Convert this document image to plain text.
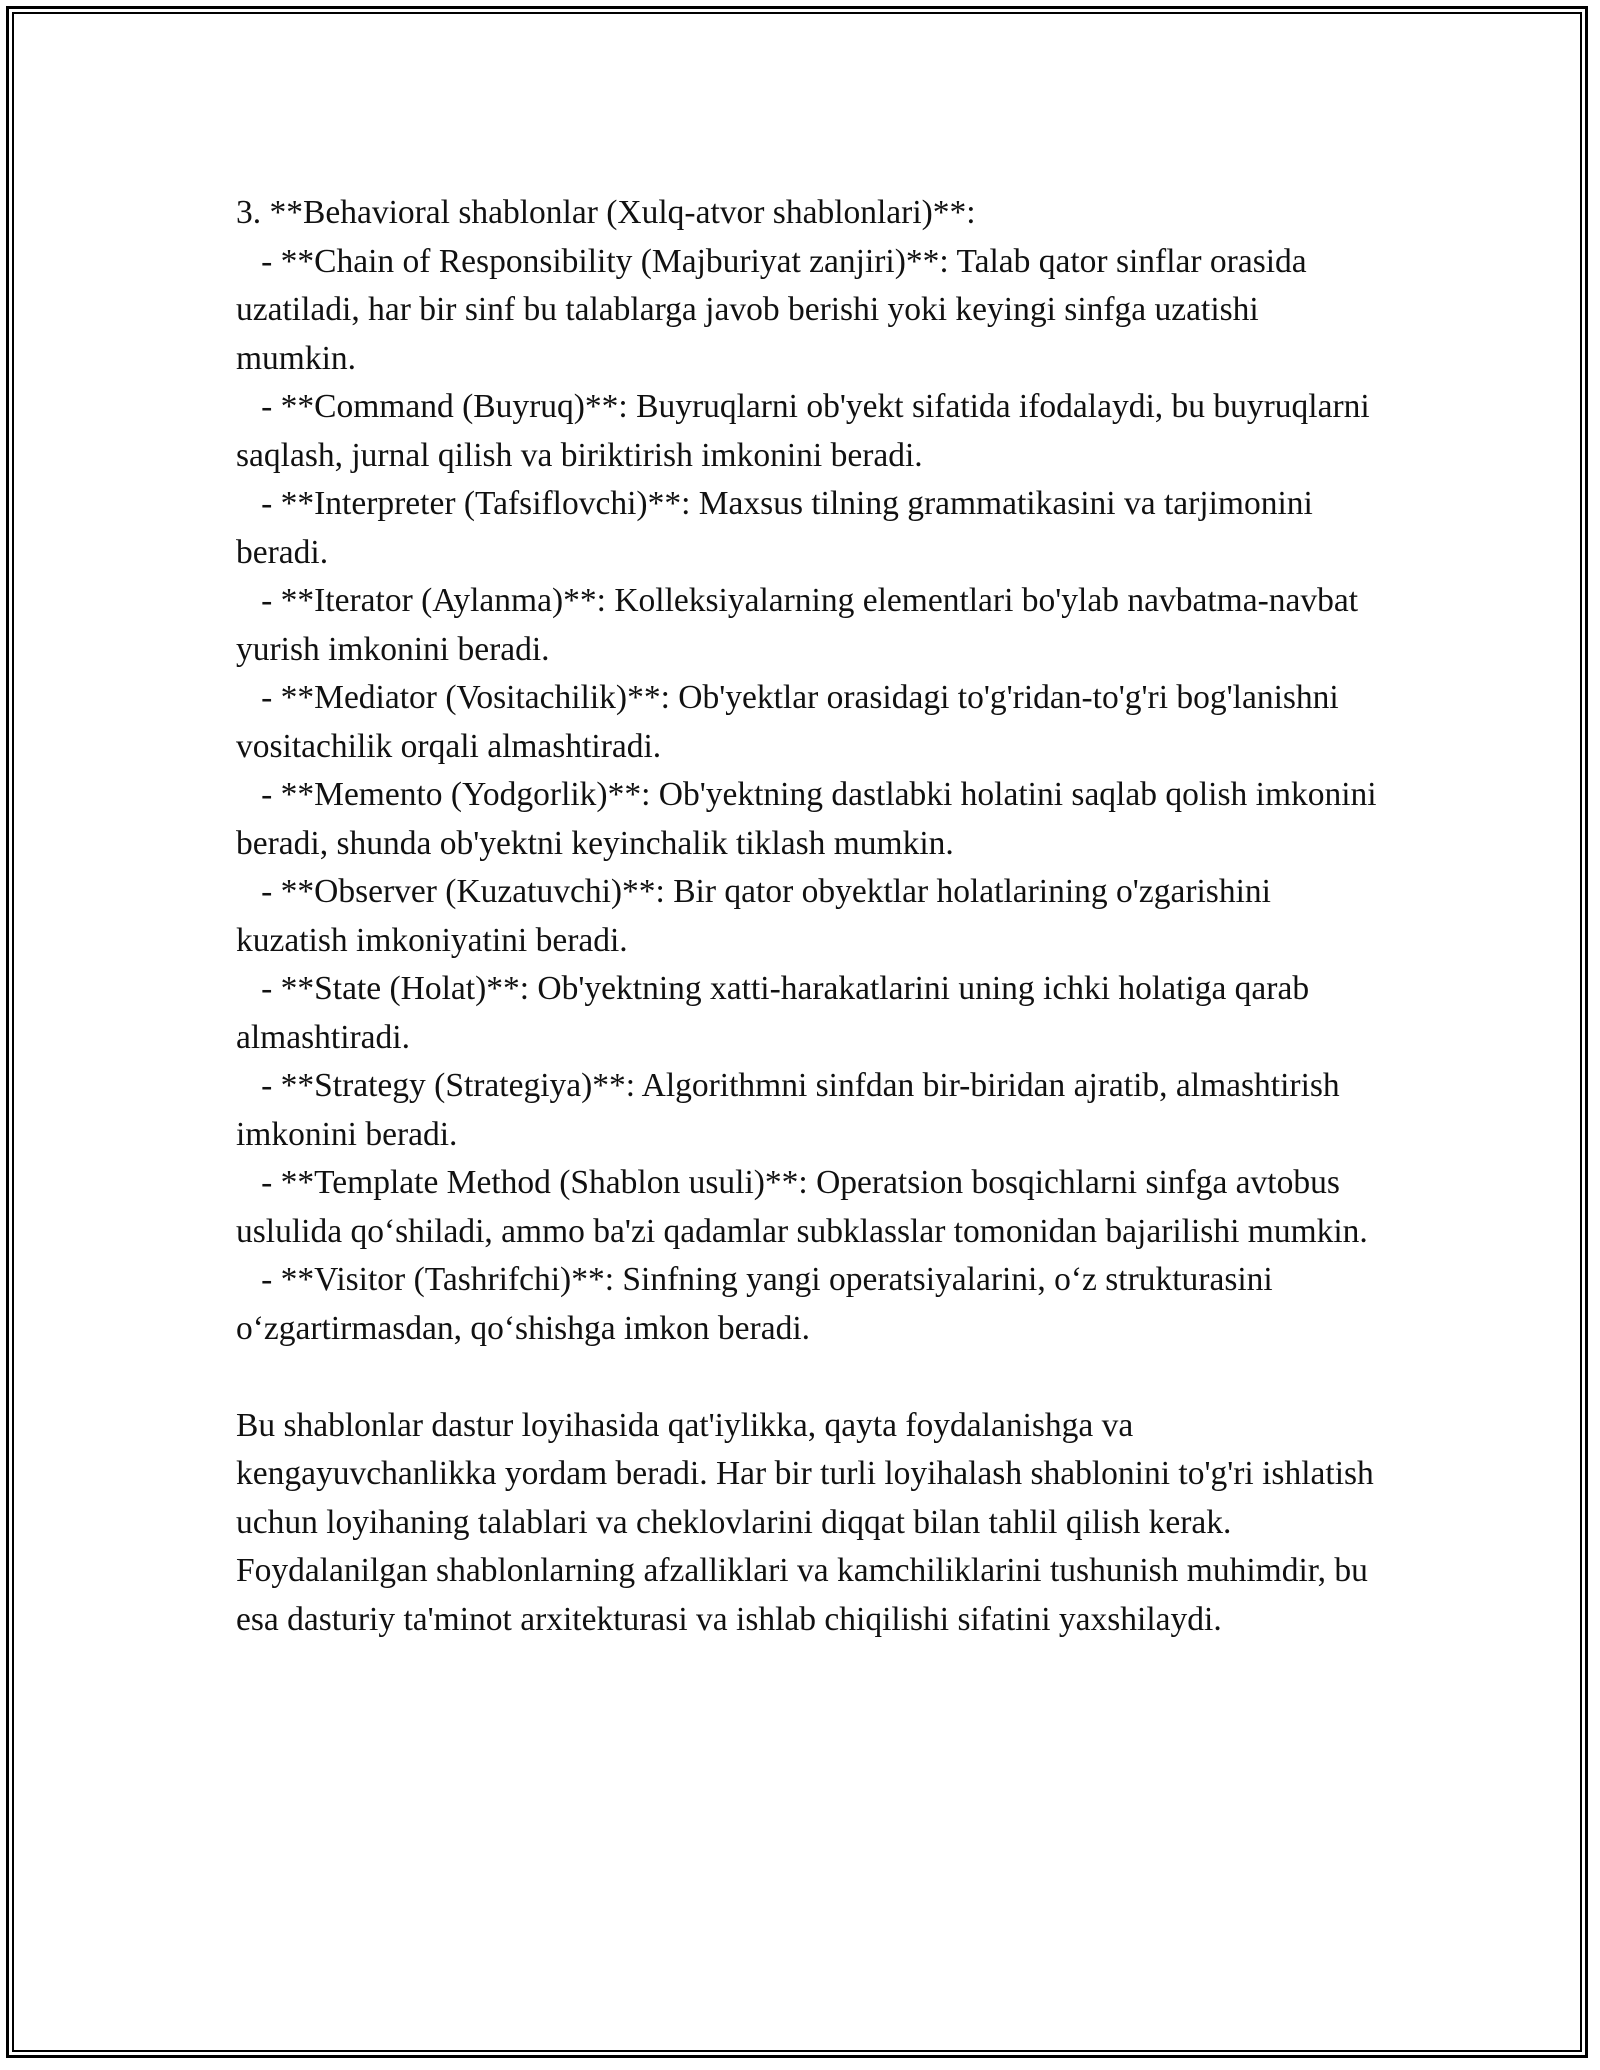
3. **Behavioral shablonlar (Xulq-atvor shablonlari)**:

- **Chain of Responsibility (Majburiyat zanjiri)**: Talab qator sinflar orasida uzatiladi, har bir sinf bu talablarga javob berishi yoki keyingi sinfga uzatishi mumkin.

- **Command (Buyruq)**: Buyruqlarni ob'yekt sifatida ifodalaydi, bu buyruqlarni saqlash, jurnal qilish va biriktirish imkonini beradi.

- **Interpreter (Tafsiflovchi)**: Maxsus tilning grammatikasini va tarjimonini beradi.

- **Iterator (Aylanma)**: Kolleksiyalarning elementlari bo'ylab navbatma-navbat yurish imkonini beradi.

- **Mediator (Vositachilik)**: Ob'yektlar orasidagi to'g'ridan-to'g'ri bog'lanishni vositachilik orqali almashtiradi.

- **Memento (Yodgorlik)**: Ob'yektning dastlabki holatini saqlab qolish imkonini beradi, shunda ob'yektni keyinchalik tiklash mumkin.

- **Observer (Kuzatuvchi)**: Bir qator obyektlar holatlarining o'zgarishini kuzatish imkoniyatini beradi.

- **State (Holat)**: Ob'yektning xatti-harakatlarini uning ichki holatiga qarab almashtiradi.

- **Strategy (Strategiya)**: Algorithmni sinfdan bir-biridan ajratib, almashtirish imkonini beradi.

- **Template Method (Shablon usuli)**: Operatsion bosqichlarni sinfga avtobus uslulida qo‘shiladi, ammo ba'zi qadamlar subklasslar tomonidan bajarilishi mumkin.

- **Visitor (Tashrifchi)**: Sinfning yangi operatsiyalarini, o‘z strukturasini o‘zgartirmasdan, qo‘shishga imkon beradi.

Bu shablonlar dastur loyihasida qat'iylikka, qayta foydalanishga va kengayuvchanlikka yordam beradi. Har bir turli loyihalash shablonini to'g'ri ishlatish uchun loyihaning talablari va cheklovlarini diqqat bilan tahlil qilish kerak. Foydalanilgan shablonlarning afzalliklari va kamchiliklarini tushunish muhimdir, bu esa dasturiy ta'minot arxitekturasi va ishlab chiqilishi sifatini yaxshilaydi.
